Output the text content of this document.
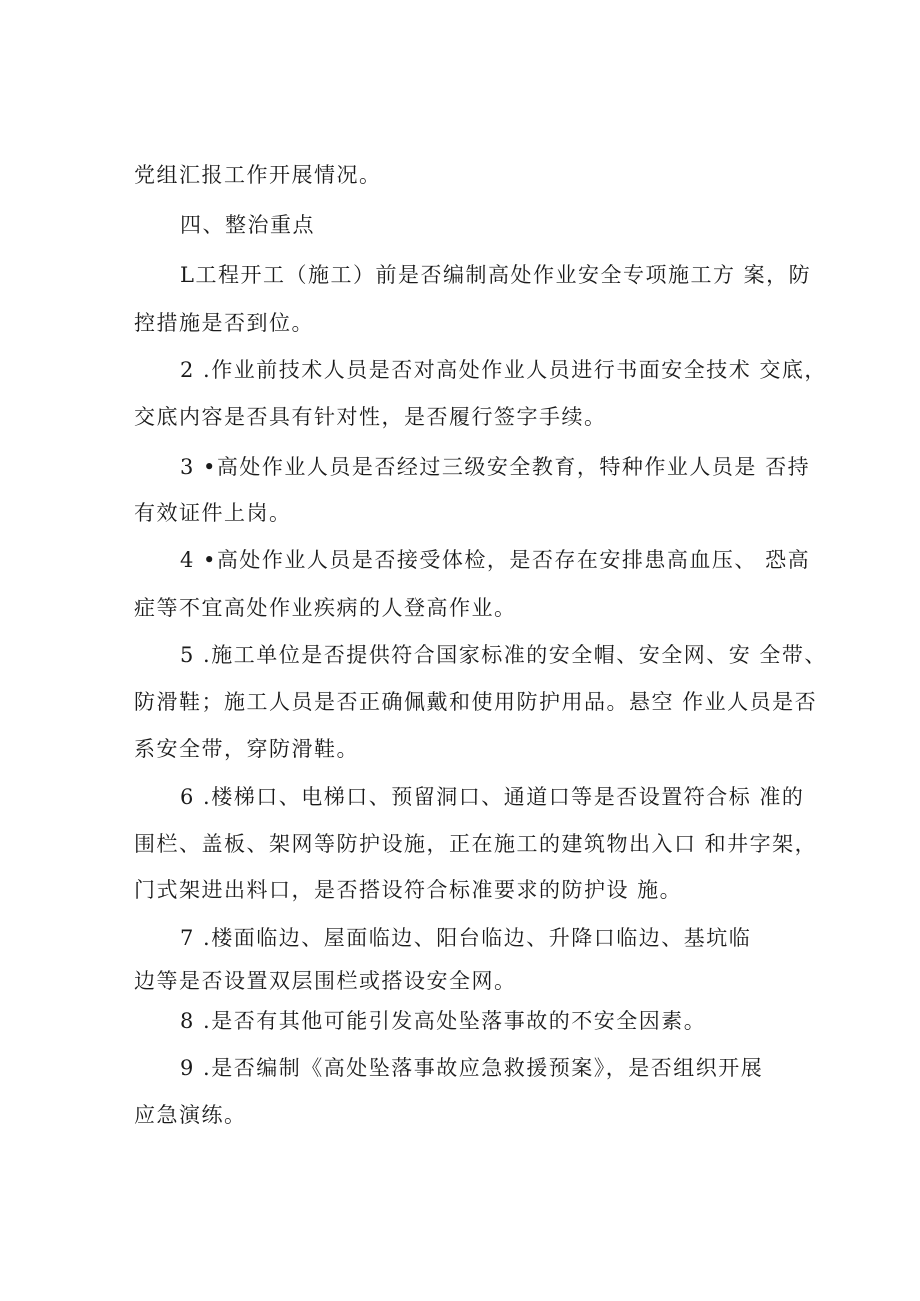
党组汇报工作开展情况。
四、整治重点
L工程开工（施工）前是否编制高处作业安全专项施工方 案，防
控措施是否到位。
2 .作业前技术人员是否对高处作业人员进行书面安全技术 交底，
交底内容是否具有针对性，是否履行签字手续。
3 •高处作业人员是否经过三级安全教育，特种作业人员是 否持
有效证件上岗。
4 •高处作业人员是否接受体检，是否存在安排患高血压、 恐高
症等不宜高处作业疾病的人登高作业。
5 .施工单位是否提供符合国家标准的安全帽、安全网、安 全带、
防滑鞋；施工人员是否正确佩戴和使用防护用品。悬空 作业人员是否
系安全带，穿防滑鞋。
6 .楼梯口、电梯口、预留洞口、通道口等是否设置符合标 准的
围栏、盖板、架网等防护设施，正在施工的建筑物出入口 和井字架，
门式架进出料口，是否搭设符合标准要求的防护设 施。
7 .楼面临边、屋面临边、阳台临边、升降口临边、基坑临
边等是否设置双层围栏或搭设安全网。
8 .是否有其他可能引发高处坠落事故的不安全因素。
9 .是否编制《高处坠落事故应急救援预案》，是否组织开展
应急演练。
